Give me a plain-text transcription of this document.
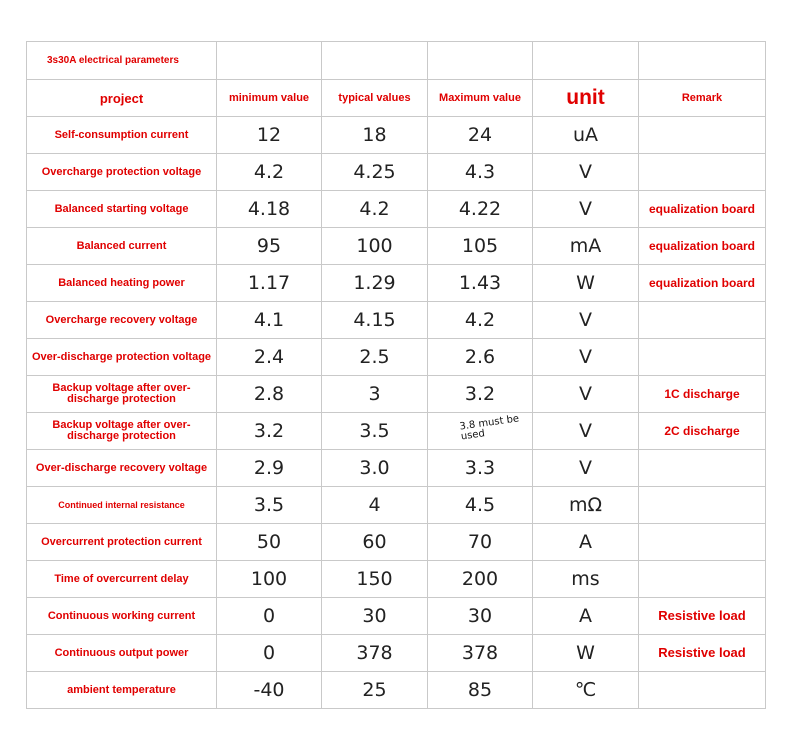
3s30A electrical parameters					
project	minimum value	typical values	Maximum value	unit	Remark
Self-consumption current	12	18	24	uA	
Overcharge protection voltage	4.2	4.25	4.3	V	
Balanced starting voltage	4.18	4.2	4.22	V	equalization board
Balanced current	95	100	105	mA	equalization board
Balanced heating power	1.17	1.29	1.43	W	equalization board
Overcharge recovery voltage	4.1	4.15	4.2	V	
Over-discharge protection voltage	2.4	2.5	2.6	V	
Backup voltage after over-discharge protection	2.8	3	3.2	V	1C discharge
Backup voltage after over-discharge protection	3.2	3.5	3.8 must be used	V	2C discharge
Over-discharge recovery voltage	2.9	3.0	3.3	V	
Continued internal resistance	3.5	4	4.5	mΩ	
Overcurrent protection current	50	60	70	A	
Time of overcurrent delay	100	150	200	ms	
Continuous working current	0	30	30	A	Resistive load
Continuous output power	0	378	378	W	Resistive load
ambient temperature	-40	25	85	℃	
